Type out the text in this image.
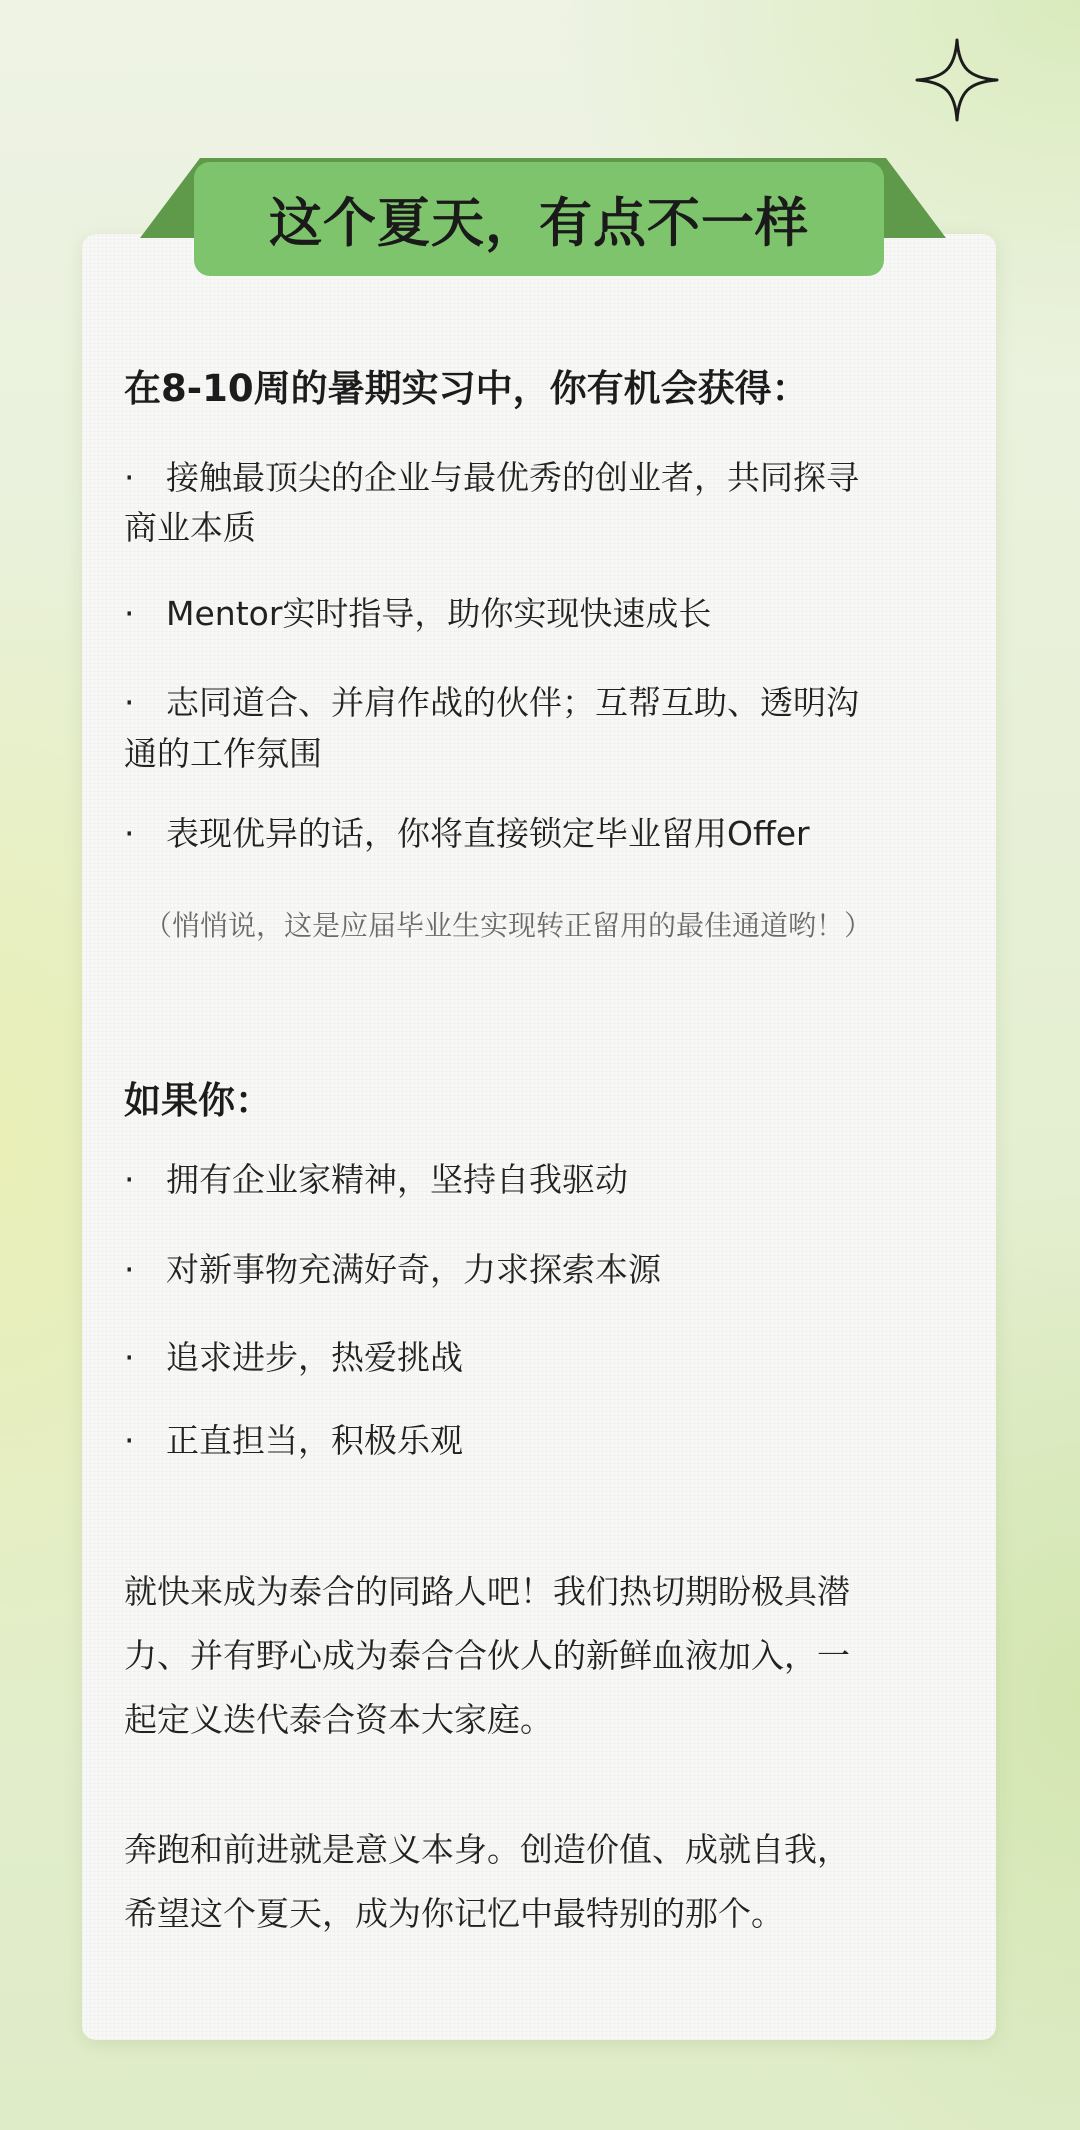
这个夏天，有点不一样
在8-10周的暑期实习中，你有机会获得：
· 接触最顶尖的企业与最优秀的创业者，共同探寻
商业本质
· Mentor实时指导，助你实现快速成长
· 志同道合、并肩作战的伙伴；互帮互助、透明沟
通的工作氛围
· 表现优异的话，你将直接锁定毕业留用Offer
（悄悄说，这是应届毕业生实现转正留用的最佳通道哟！）
如果你：
· 拥有企业家精神，坚持自我驱动
· 对新事物充满好奇，力求探索本源
· 追求进步，热爱挑战
· 正直担当，积极乐观
就快来成为泰合的同路人吧！我们热切期盼极具潜
力、并有野心成为泰合合伙人的新鲜血液加入，一
起定义迭代泰合资本大家庭。
奔跑和前进就是意义本身。创造价值、成就自我，
希望这个夏天，成为你记忆中最特别的那个。
